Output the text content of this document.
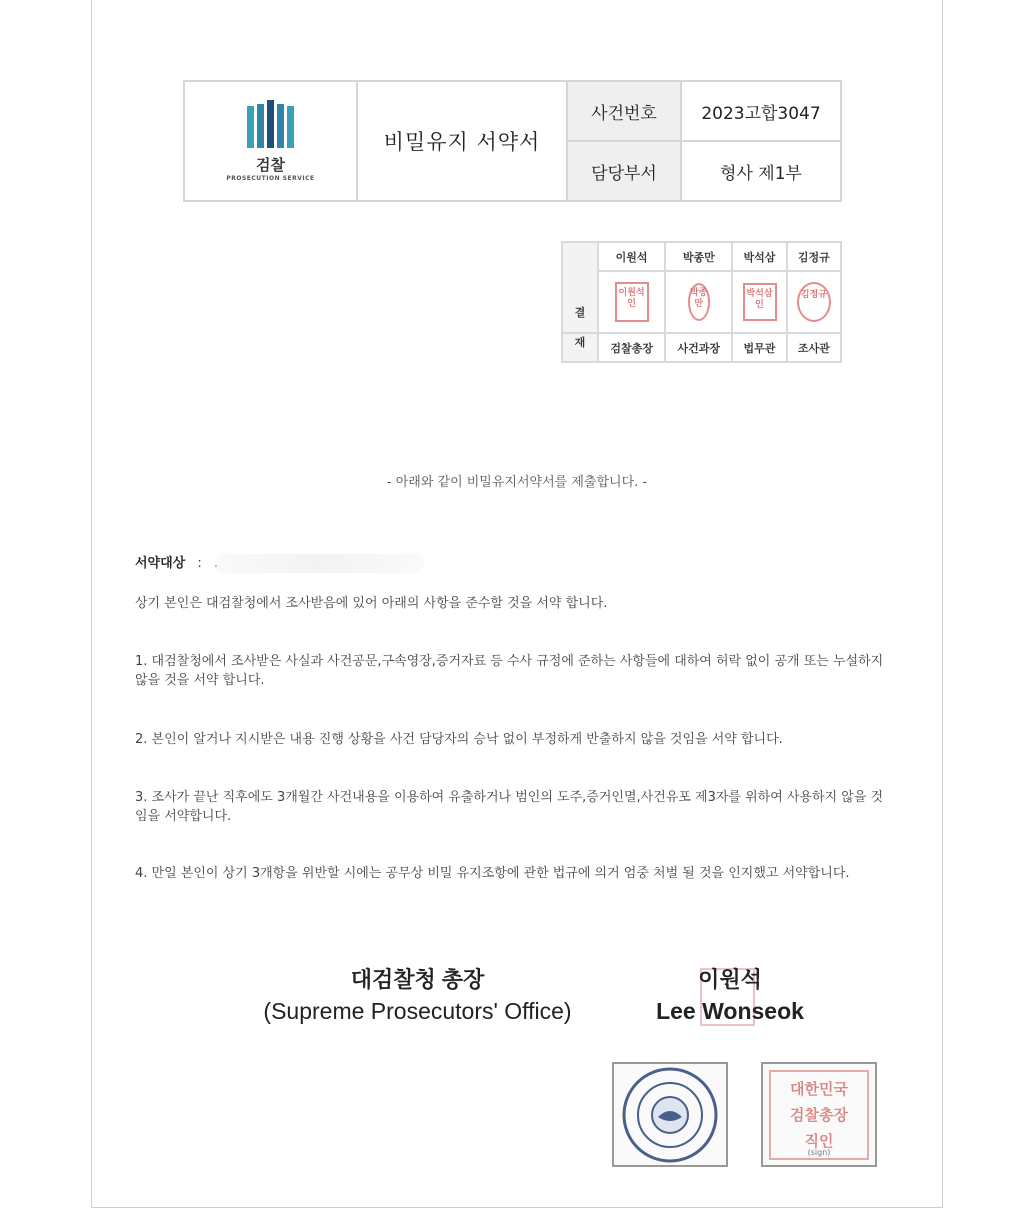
검찰
PROSECUTION SERVICE	비밀유지 서약서	사건번호	2023고합3047
		담당부서	형사 제1부
결	이원석	박종만	박석삼	김정규
	이원석인	박종만	박석삼인	김정규
재	검찰총장	사건과장	법무관	조사관
- 아래와 같이 비밀유지서약서를 제출합니다. -
서약대상 : .
상기 본인은 대검찰청에서 조사받음에 있어 아래의 사항을 준수할 것을 서약 합니다.
1. 대검찰청에서 조사받은 사실과 사건공문,구속영장,증거자료 등 수사 규정에 준하는 사항들에 대하여 허락 없이 공개 또는 누설하지 않을 것을 서약 합니다.
2. 본인이 알거나 지시받은 내용 진행 상황을 사건 담당자의 승낙 없이 부정하게 반출하지 않을 것임을 서약 합니다.
3. 조사가 끝난 직후에도 3개월간 사건내용을 이용하여 유출하거나 범인의 도주,증거인멸,사건유포 제3자를 위하여 사용하지 않을 것임을 서약합니다.
4. 만일 본인이 상기 3개항을 위반할 시에는 공무상 비밀 유지조항에 관한 법규에 의거 엄중 처벌 될 것을 인지했고 서약합니다.
대검찰청 총장
(Supreme Prosecutors' Office)
이원석
Lee Wonseok
대한민국
검찰총장
직인
(sign)
